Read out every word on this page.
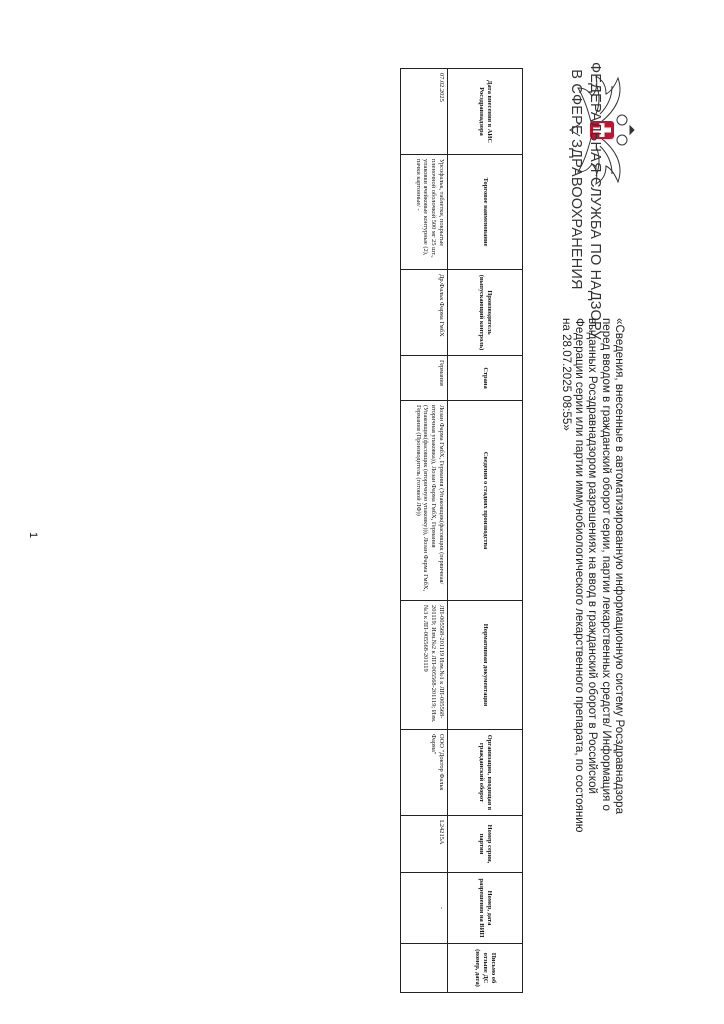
ФЕДЕРАЛЬНАЯ СЛУЖБА ПО НАДЗОРУ
В СФЕРЕ ЗДРАВООХРАНЕНИЯ
«Сведения, внесенные в автоматизированную информационную систему Росздравнадзора перед вводом в гражданский оборот серии, партии лекарственных средств/ Информация о выданных Росздравнадзором разрешениях на ввод в гражданский оборот в Российской Федерации серии или партии иммунобиологического лекарственного препарата, по состоянию на 28.07.2025 08:55»
Дата внесения в АИС Росздравнадзора	Торговое наименование	Производитель (выпускающий контроль)	Страна	Сведения о стадиях производства	Нормативная документация	Организация, вводящая в гражданский оборот	Номер серии, партии	Номер, дата разрешения на ВИП	Письмо об отзыве ДС (номер, дата)
07.02.2025	Урсофальк, таблетки, покрытые пленочной оболочкой 500 мг 25 шт., упаковки ячейковые контурные (2), пачки картонные/ -	Др.Фальк Фарма ГмбХ	Германия	Лозан Фарма ГмбХ, Германия (Упаковщик(фасовщик (первичная/вторичная упаковка)), Лозан Фарма ГмбХ, Германия (Упаковщик(фасовщик (вторичную упаковку))), Лозан Фарма ГмбХ, Германия (Производитель (готовой ЛФ))	ЛП-005568-201119 Изм.№1 к ЛП-005568-201119; Изм.№2 к ЛП-005568-201119; Изм.№3 к ЛП-005568-201119	ООО "Доктор Фальк Фарма"	L24215A	-	
1
